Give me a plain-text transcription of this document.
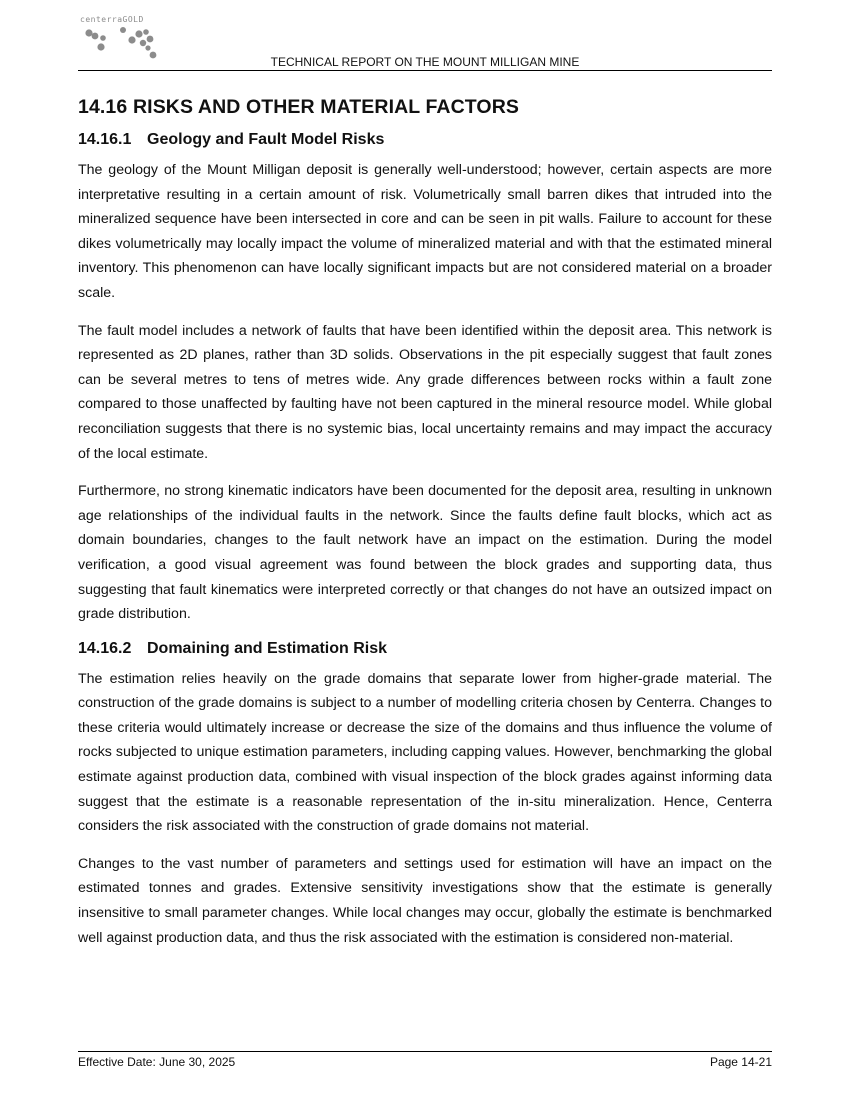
centerraGOLD
TECHNICAL REPORT ON THE MOUNT MILLIGAN MINE
14.16 RISKS AND OTHER MATERIAL FACTORS
14.16.1 Geology and Fault Model Risks

The geology of the Mount Milligan deposit is generally well-understood; however, certain aspects are more interpretative resulting in a certain amount of risk. Volumetrically small barren dikes that intruded into the mineralized sequence have been intersected in core and can be seen in pit walls. Failure to account for these dikes volumetrically may locally impact the volume of mineralized material and with that the estimated mineral inventory. This phenomenon can have locally significant impacts but are not considered material on a broader scale.

The fault model includes a network of faults that have been identified within the deposit area. This network is represented as 2D planes, rather than 3D solids. Observations in the pit especially suggest that fault zones can be several metres to tens of metres wide. Any grade differences between rocks within a fault zone compared to those unaffected by faulting have not been captured in the mineral resource model. While global reconciliation suggests that there is no systemic bias, local uncertainty remains and may impact the accuracy of the local estimate.

Furthermore, no strong kinematic indicators have been documented for the deposit area, resulting in unknown age relationships of the individual faults in the network. Since the faults define fault blocks, which act as domain boundaries, changes to the fault network have an impact on the estimation. During the model verification, a good visual agreement was found between the block grades and supporting data, thus suggesting that fault kinematics were interpreted correctly or that changes do not have an outsized impact on grade distribution.

14.16.2 Domaining and Estimation Risk

The estimation relies heavily on the grade domains that separate lower from higher-grade material. The construction of the grade domains is subject to a number of modelling criteria chosen by Centerra. Changes to these criteria would ultimately increase or decrease the size of the domains and thus influence the volume of rocks subjected to unique estimation parameters, including capping values. However, benchmarking the global estimate against production data, combined with visual inspection of the block grades against informing data suggest that the estimate is a reasonable representation of the in-situ mineralization. Hence, Centerra considers the risk associated with the construction of grade domains not material.

Changes to the vast number of parameters and settings used for estimation will have an impact on the estimated tonnes and grades. Extensive sensitivity investigations show that the estimate is generally insensitive to small parameter changes. While local changes may occur, globally the estimate is benchmarked well against production data, and thus the risk associated with the estimation is considered non-material.

Effective Date: June 30, 2025	Page 14-21
